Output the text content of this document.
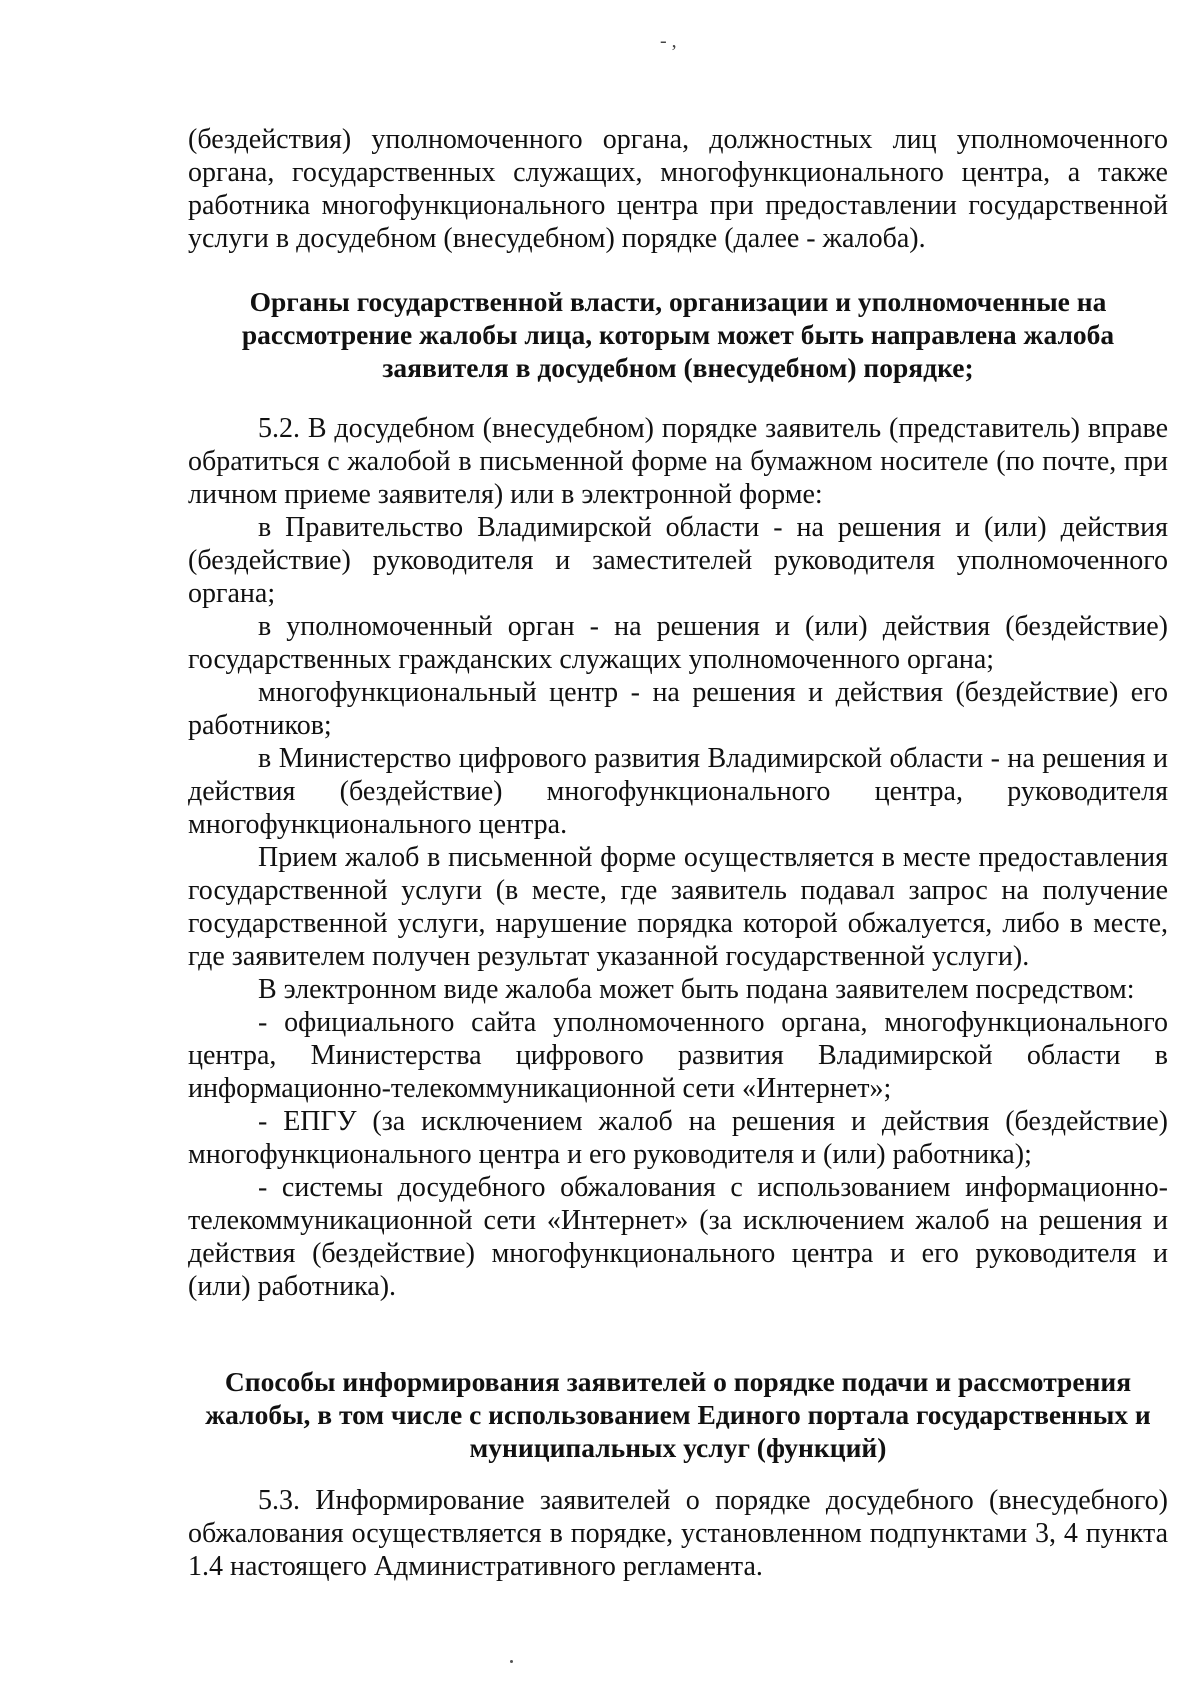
- ,

(бездействия) уполномоченного органа, должностных лиц уполномоченного органа, государственных служащих, многофункционального центра, а также работника многофункционального центра при предоставлении государственной услуги в досудебном (внесудебном) порядке (далее - жалоба).

Органы государственной власти, организации и уполномоченные на рассмотрение жалобы лица, которым может быть направлена жалоба заявителя в досудебном (внесудебном) порядке;

5.2. В досудебном (внесудебном) порядке заявитель (представитель) вправе обратиться с жалобой в письменной форме на бумажном носителе (по почте, при личном приеме заявителя) или в электронной форме:

в Правительство Владимирской области - на решения и (или) действия (бездействие) руководителя и заместителей руководителя уполномоченного органа;

в уполномоченный орган - на решения и (или) действия (бездействие) государственных гражданских служащих уполномоченного органа;

многофункциональный центр - на решения и действия (бездействие) его работников;

в Министерство цифрового развития Владимирской области - на решения и действия (бездействие) многофункционального центра, руководителя многофункционального центра.

Прием жалоб в письменной форме осуществляется в месте предоставления государственной услуги (в месте, где заявитель подавал запрос на получение государственной услуги, нарушение порядка которой обжалуется, либо в месте, где заявителем получен результат указанной государственной услуги).

В электронном виде жалоба может быть подана заявителем посредством:

- официального сайта уполномоченного органа, многофункционального центра, Министерства цифрового развития Владимирской области в информационно-телекоммуникационной сети «Интернет»;

- ЕПГУ (за исключением жалоб на решения и действия (бездействие) многофункционального центра и его руководителя и (или) работника);

- системы досудебного обжалования с использованием информационно-телекоммуникационной сети «Интернет» (за исключением жалоб на решения и действия (бездействие) многофункционального центра и его руководителя и (или) работника).

Способы информирования заявителей о порядке подачи и рассмотрения жалобы, в том числе с использованием Единого портала государственных и муниципальных услуг (функций)

5.3. Информирование заявителей о порядке досудебного (внесудебного) обжалования осуществляется в порядке, установленном подпунктами 3, 4 пункта 1.4 настоящего Административного регламента.
